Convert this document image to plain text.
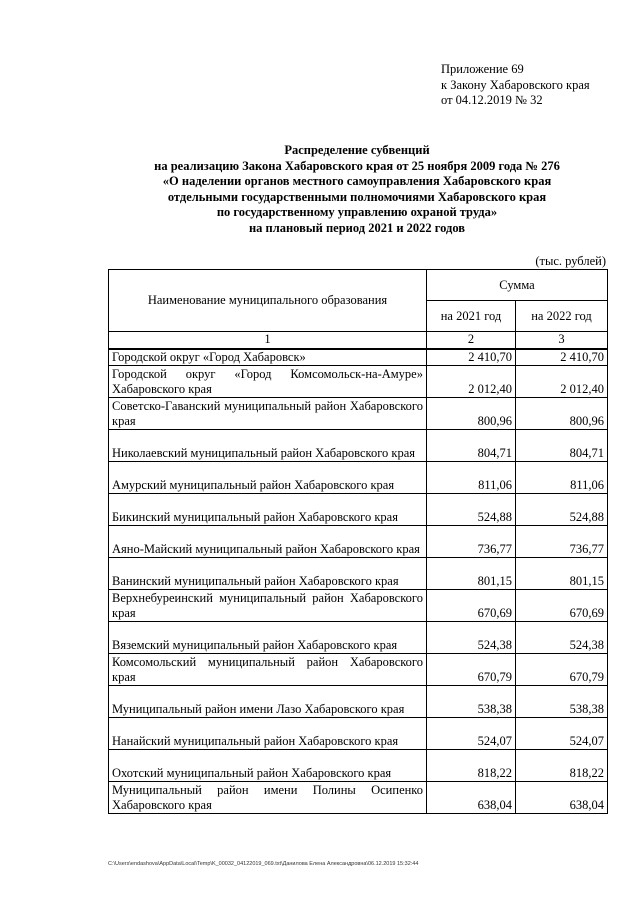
Приложение 69
к Закону Хабаровского края
от 04.12.2019 № 32
Распределение субвенций
на реализацию Закона Хабаровского края от 25 ноября 2009 года № 276
«О наделении органов местного самоуправления Хабаровского края
отдельными государственными полномочиями Хабаровского края
по государственному управлению охраной труда»
на плановый период 2021 и 2022 годов
(тыс. рублей)
Наименование муниципального образования	Сумма	
	на 2021 год	на 2022 год
1	2	3
Городской округ «Город Хабаровск»	2 410,70	2 410,70
Городской округ «Город Комсомольск-на-Амуре» Хабаровского края	2 012,40	2 012,40
Советско-Гаванский муниципальный район Хабаровского края	800,96	800,96
Николаевский муниципальный район Хабаровского края	804,71	804,71
Амурский муниципальный район Хабаровского края	811,06	811,06
Бикинский муниципальный район Хабаровского края	524,88	524,88
Аяно-Майский муниципальный район Хабаровского края	736,77	736,77
Ванинский муниципальный район Хабаровского края	801,15	801,15
Верхнебуреинский муниципальный район Хабаровского края	670,69	670,69
Вяземский муниципальный район Хабаровского края	524,38	524,38
Комсомольский муниципальный район Хабаровского края	670,79	670,79
Муниципальный район имени Лазо Хабаровского края	538,38	538,38
Нанайский муниципальный район Хабаровского края	524,07	524,07
Охотский муниципальный район Хабаровского края	818,22	818,22
Муниципальный район имени Полины Осипенко Хабаровского края	638,04	638,04
C:\Users\endashova\AppData\Local\Temp\K_00032_04122019_069.txt\Данилова Елена Александровна\06.12.2019 15:32:44
